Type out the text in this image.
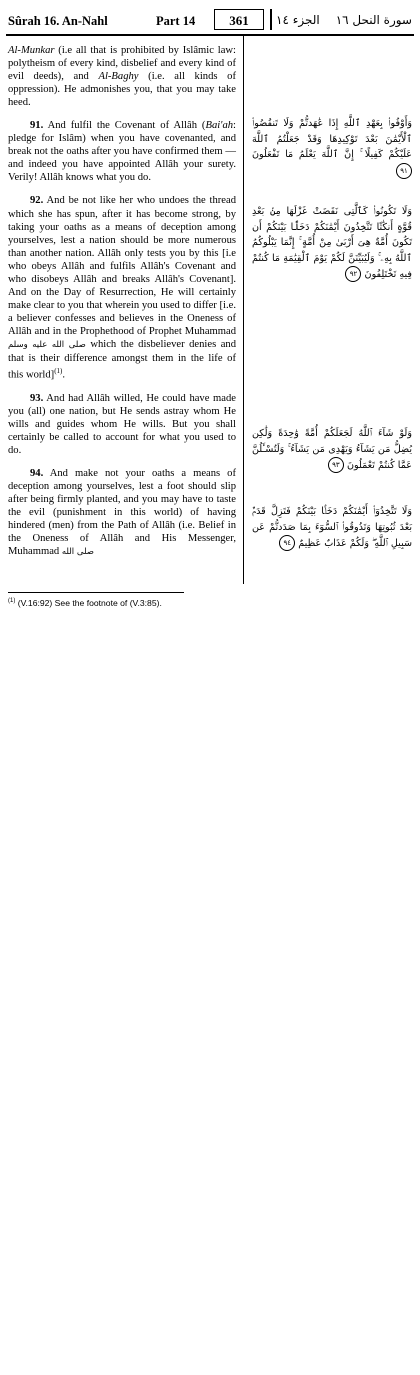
Sûrah 16. An-Nahl	Part 14	361	الجزء ١٤ سورة النحل ١٦

Al-Munkar (i.e all that is prohibited by Islâmic law: polytheism of every kind, disbelief and every kind of evil deeds), and Al-Baghy (i.e. all kinds of oppression). He admonishes you, that you may take heed.

91. And fulfil the Covenant of Allâh (Bai'ah: pledge for Islâm) when you have covenanted, and break not the oaths after you have confirmed them — and indeed you have appointed Allâh your surety. Verily! Allâh knows what you do.

92. And be not like her who undoes the thread which she has spun, after it has become strong, by taking your oaths as a means of deception among yourselves, lest a nation should be more numerous than another nation. Allâh only tests you by this [i.e who obeys Allâh and fulfils Allâh's Covenant and who disobeys Allâh and breaks Allâh's Covenant]. And on the Day of Resurrection, He will certainly make clear to you that wherein you used to differ [i.e. a believer confesses and believes in the Oneness of Allâh and in the Prophethood of Prophet Muhammad صلى الله عليه وسلم which the disbeliever denies and that is their difference amongst them in the life of this world]$^{(1)}$.

93. And had Allâh willed, He could have made you (all) one nation, but He sends astray whom He wills and guides whom He wills. But you shall certainly be called to account for what you used to do.

94. And make not your oaths a means of deception among yourselves, lest a foot should slip after being firmly planted, and you may have to taste the evil (punishment in this world) of having hindered (men) from the Path of Allâh (i.e. Belief in the Oneness of Allâh and His Messenger, Muhammad صلى الله

وَأَوْفُوا۟ بِعَهْدِ ٱللَّهِ إِذَا عَٰهَدتُّمْ وَلَا تَنقُضُوا۟ ٱلْأَيْمَٰنَ بَعْدَ تَوْكِيدِهَا وَقَدْ جَعَلْتُمُ ٱللَّهَ عَلَيْكُمْ كَفِيلًا ۚ إِنَّ ٱللَّهَ يَعْلَمُ مَا تَفْعَلُونَ ٩١
وَلَا تَكُونُوا۟ كَٱلَّتِى نَقَضَتْ غَزْلَهَا مِنۢ بَعْدِ قُوَّةٍ أَنكَٰثًا تَتَّخِذُونَ أَيْمَٰنَكُمْ دَخَلًۢا بَيْنَكُمْ أَن تَكُونَ أُمَّةٌ هِىَ أَرْبَىٰ مِنْ أُمَّةٍ ۚ إِنَّمَا يَبْلُوكُمُ ٱللَّهُ بِهِۦ ۚ وَلَيُبَيِّنَنَّ لَكُمْ يَوْمَ ٱلْقِيَٰمَةِ مَا كُنتُمْ فِيهِ تَخْتَلِفُونَ ٩٢
وَلَوْ شَآءَ ٱللَّهُ لَجَعَلَكُمْ أُمَّةً وَٰحِدَةً وَلَٰكِن يُضِلُّ مَن يَشَآءُ وَيَهْدِى مَن يَشَآءُ ۚ وَلَتُسْـَٔلُنَّ عَمَّا كُنتُمْ تَعْمَلُونَ ٩٣
وَلَا تَتَّخِذُوٓا۟ أَيْمَٰنَكُمْ دَخَلًۢا بَيْنَكُمْ فَتَزِلَّ قَدَمٌۢ بَعْدَ ثُبُوتِهَا وَتَذُوقُوا۟ ٱلسُّوٓءَ بِمَا صَدَدتُّمْ عَن سَبِيلِ ٱللَّهِ ۖ وَلَكُمْ عَذَابٌ عَظِيمٌ ٩٤
$^{(1)}$ (V.16:92) See the footnote of (V.3:85).
